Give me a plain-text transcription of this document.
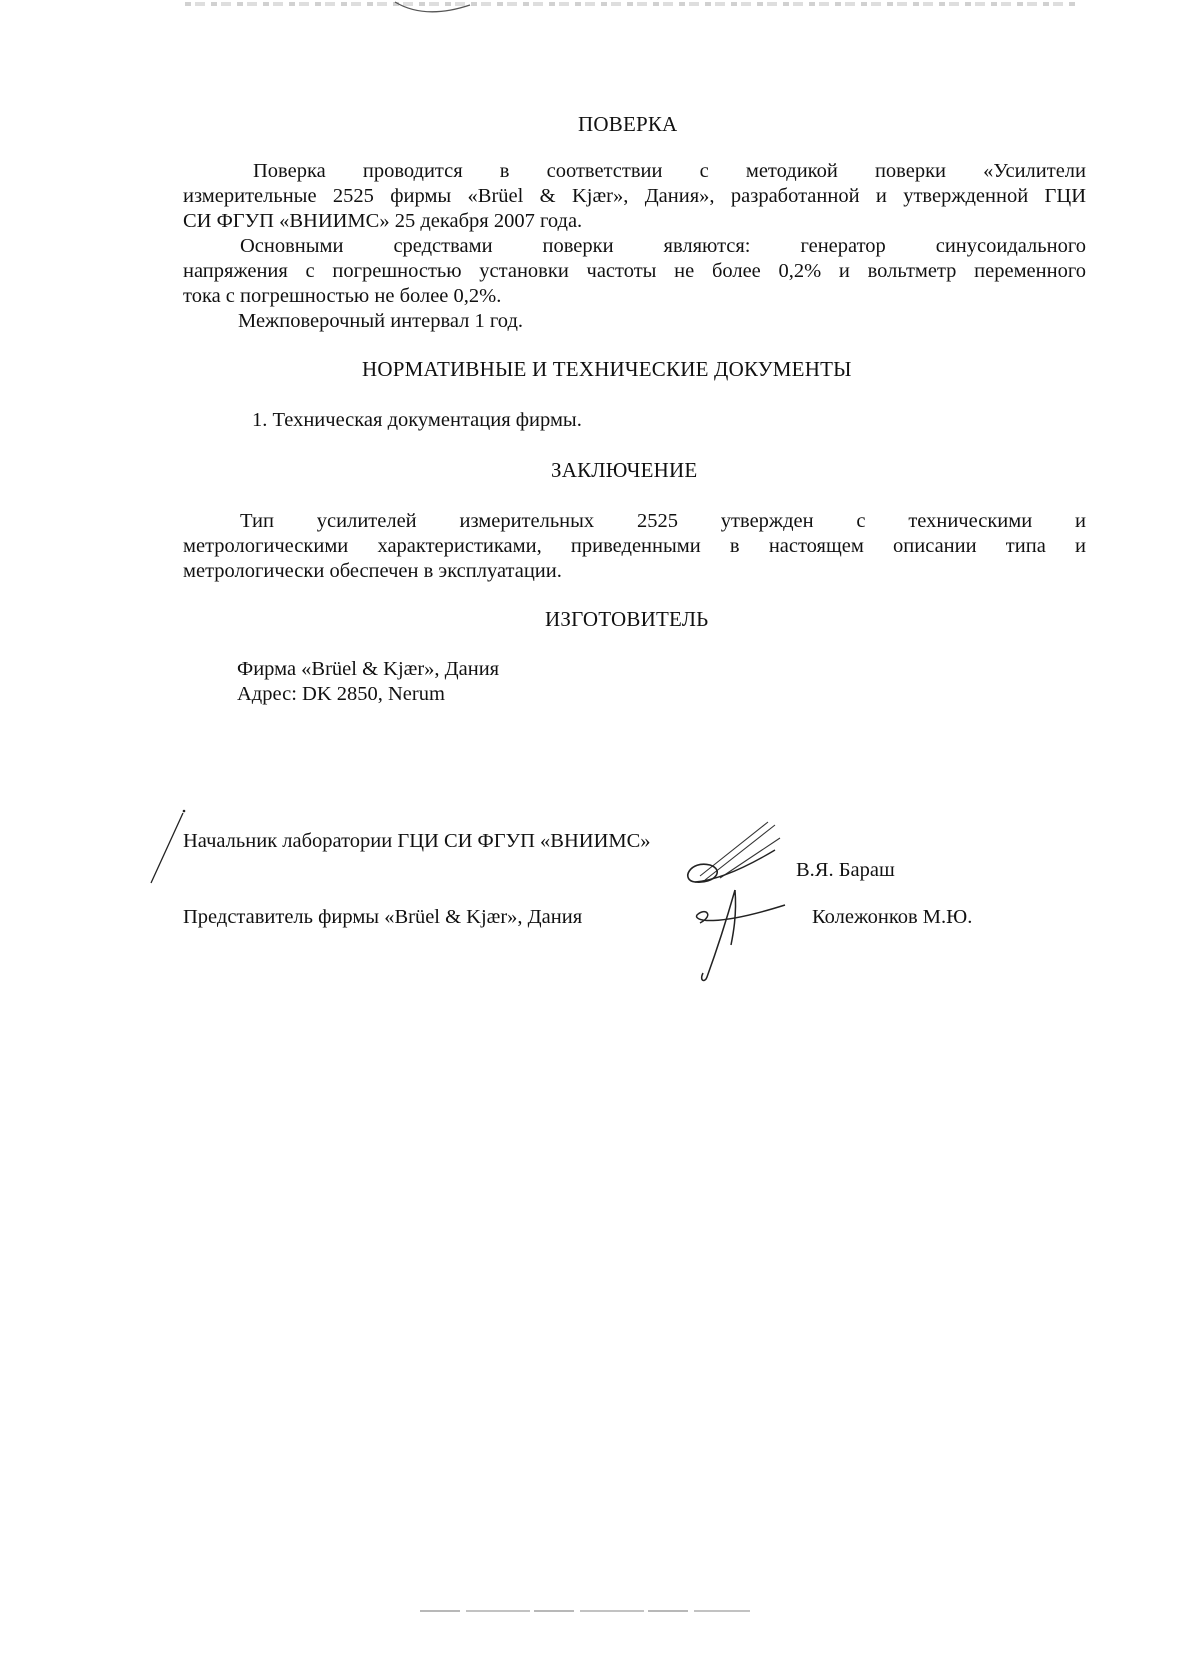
ПОВЕРКА
Поверка проводится в соответствии с методикой поверки «Усилители
измерительные 2525 фирмы «Brüel & Kjær», Дания», разработанной и утвержденной ГЦИ
СИ ФГУП «ВНИИМС» 25 декабря 2007 года.
Основными средствами поверки являются: генератор синусоидального
напряжения с погрешностью установки частоты не более 0,2% и вольтметр переменного
тока с погрешностью не более 0,2%.
Межповерочный интервал 1 год.
НОРМАТИВНЫЕ И ТЕХНИЧЕСКИЕ ДОКУМЕНТЫ
1. Техническая документация фирмы.
ЗАКЛЮЧЕНИЕ
Тип усилителей измерительных 2525 утвержден с техническими и
метрологическими характеристиками, приведенными в настоящем описании типа и
метрологически обеспечен в эксплуатации.
ИЗГОТОВИТЕЛЬ
Фирма «Brüel & Kjær», Дания
Адрес: DK 2850, Nerum
Начальник лаборатории ГЦИ СИ ФГУП «ВНИИМС»
В.Я. Бараш
Представитель фирмы «Brüel & Kjær», Дания	Колежонков М.Ю.
